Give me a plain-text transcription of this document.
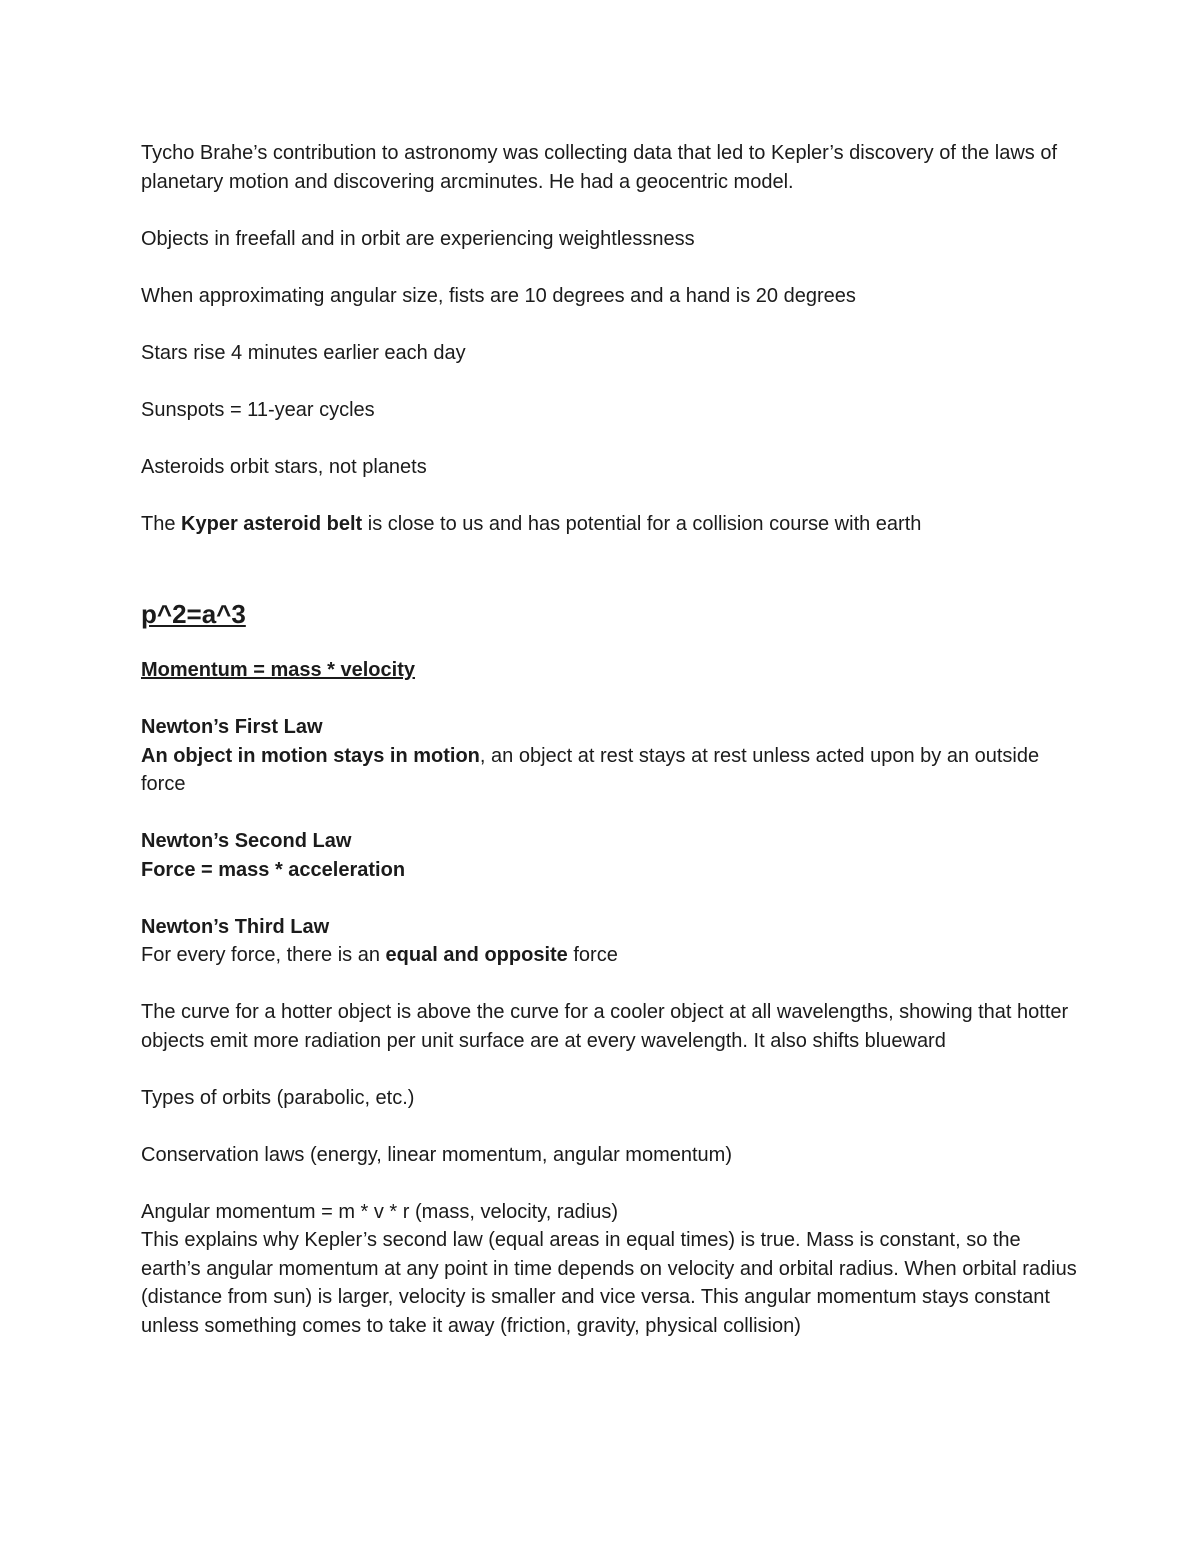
Tycho Brahe’s contribution to astronomy was collecting data that led to Kepler’s discovery of the laws of planetary motion and discovering arcminutes. He had a geocentric model.

Objects in freefall and in orbit are experiencing weightlessness

When approximating angular size, fists are 10 degrees and a hand is 20 degrees

Stars rise 4 minutes earlier each day

Sunspots = 11-year cycles

Asteroids orbit stars, not planets

The Kyper asteroid belt is close to us and has potential for a collision course with earth

p^2=a^3

Momentum = mass * velocity

Newton’s First Law

An object in motion stays in motion, an object at rest stays at rest unless acted upon by an outside force

Newton’s Second Law

Force = mass * acceleration

Newton’s Third Law

For every force, there is an equal and opposite force

The curve for a hotter object is above the curve for a cooler object at all wavelengths, showing that hotter objects emit more radiation per unit surface are at every wavelength. It also shifts blueward

Types of orbits (parabolic, etc.)

Conservation laws (energy, linear momentum, angular momentum)

Angular momentum = m * v * r (mass, velocity, radius)

This explains why Kepler’s second law (equal areas in equal times) is true. Mass is constant, so the earth’s angular momentum at any point in time depends on velocity and orbital radius. When orbital radius (distance from sun) is larger, velocity is smaller and vice versa. This angular momentum stays constant unless something comes to take it away (friction, gravity, physical collision)
